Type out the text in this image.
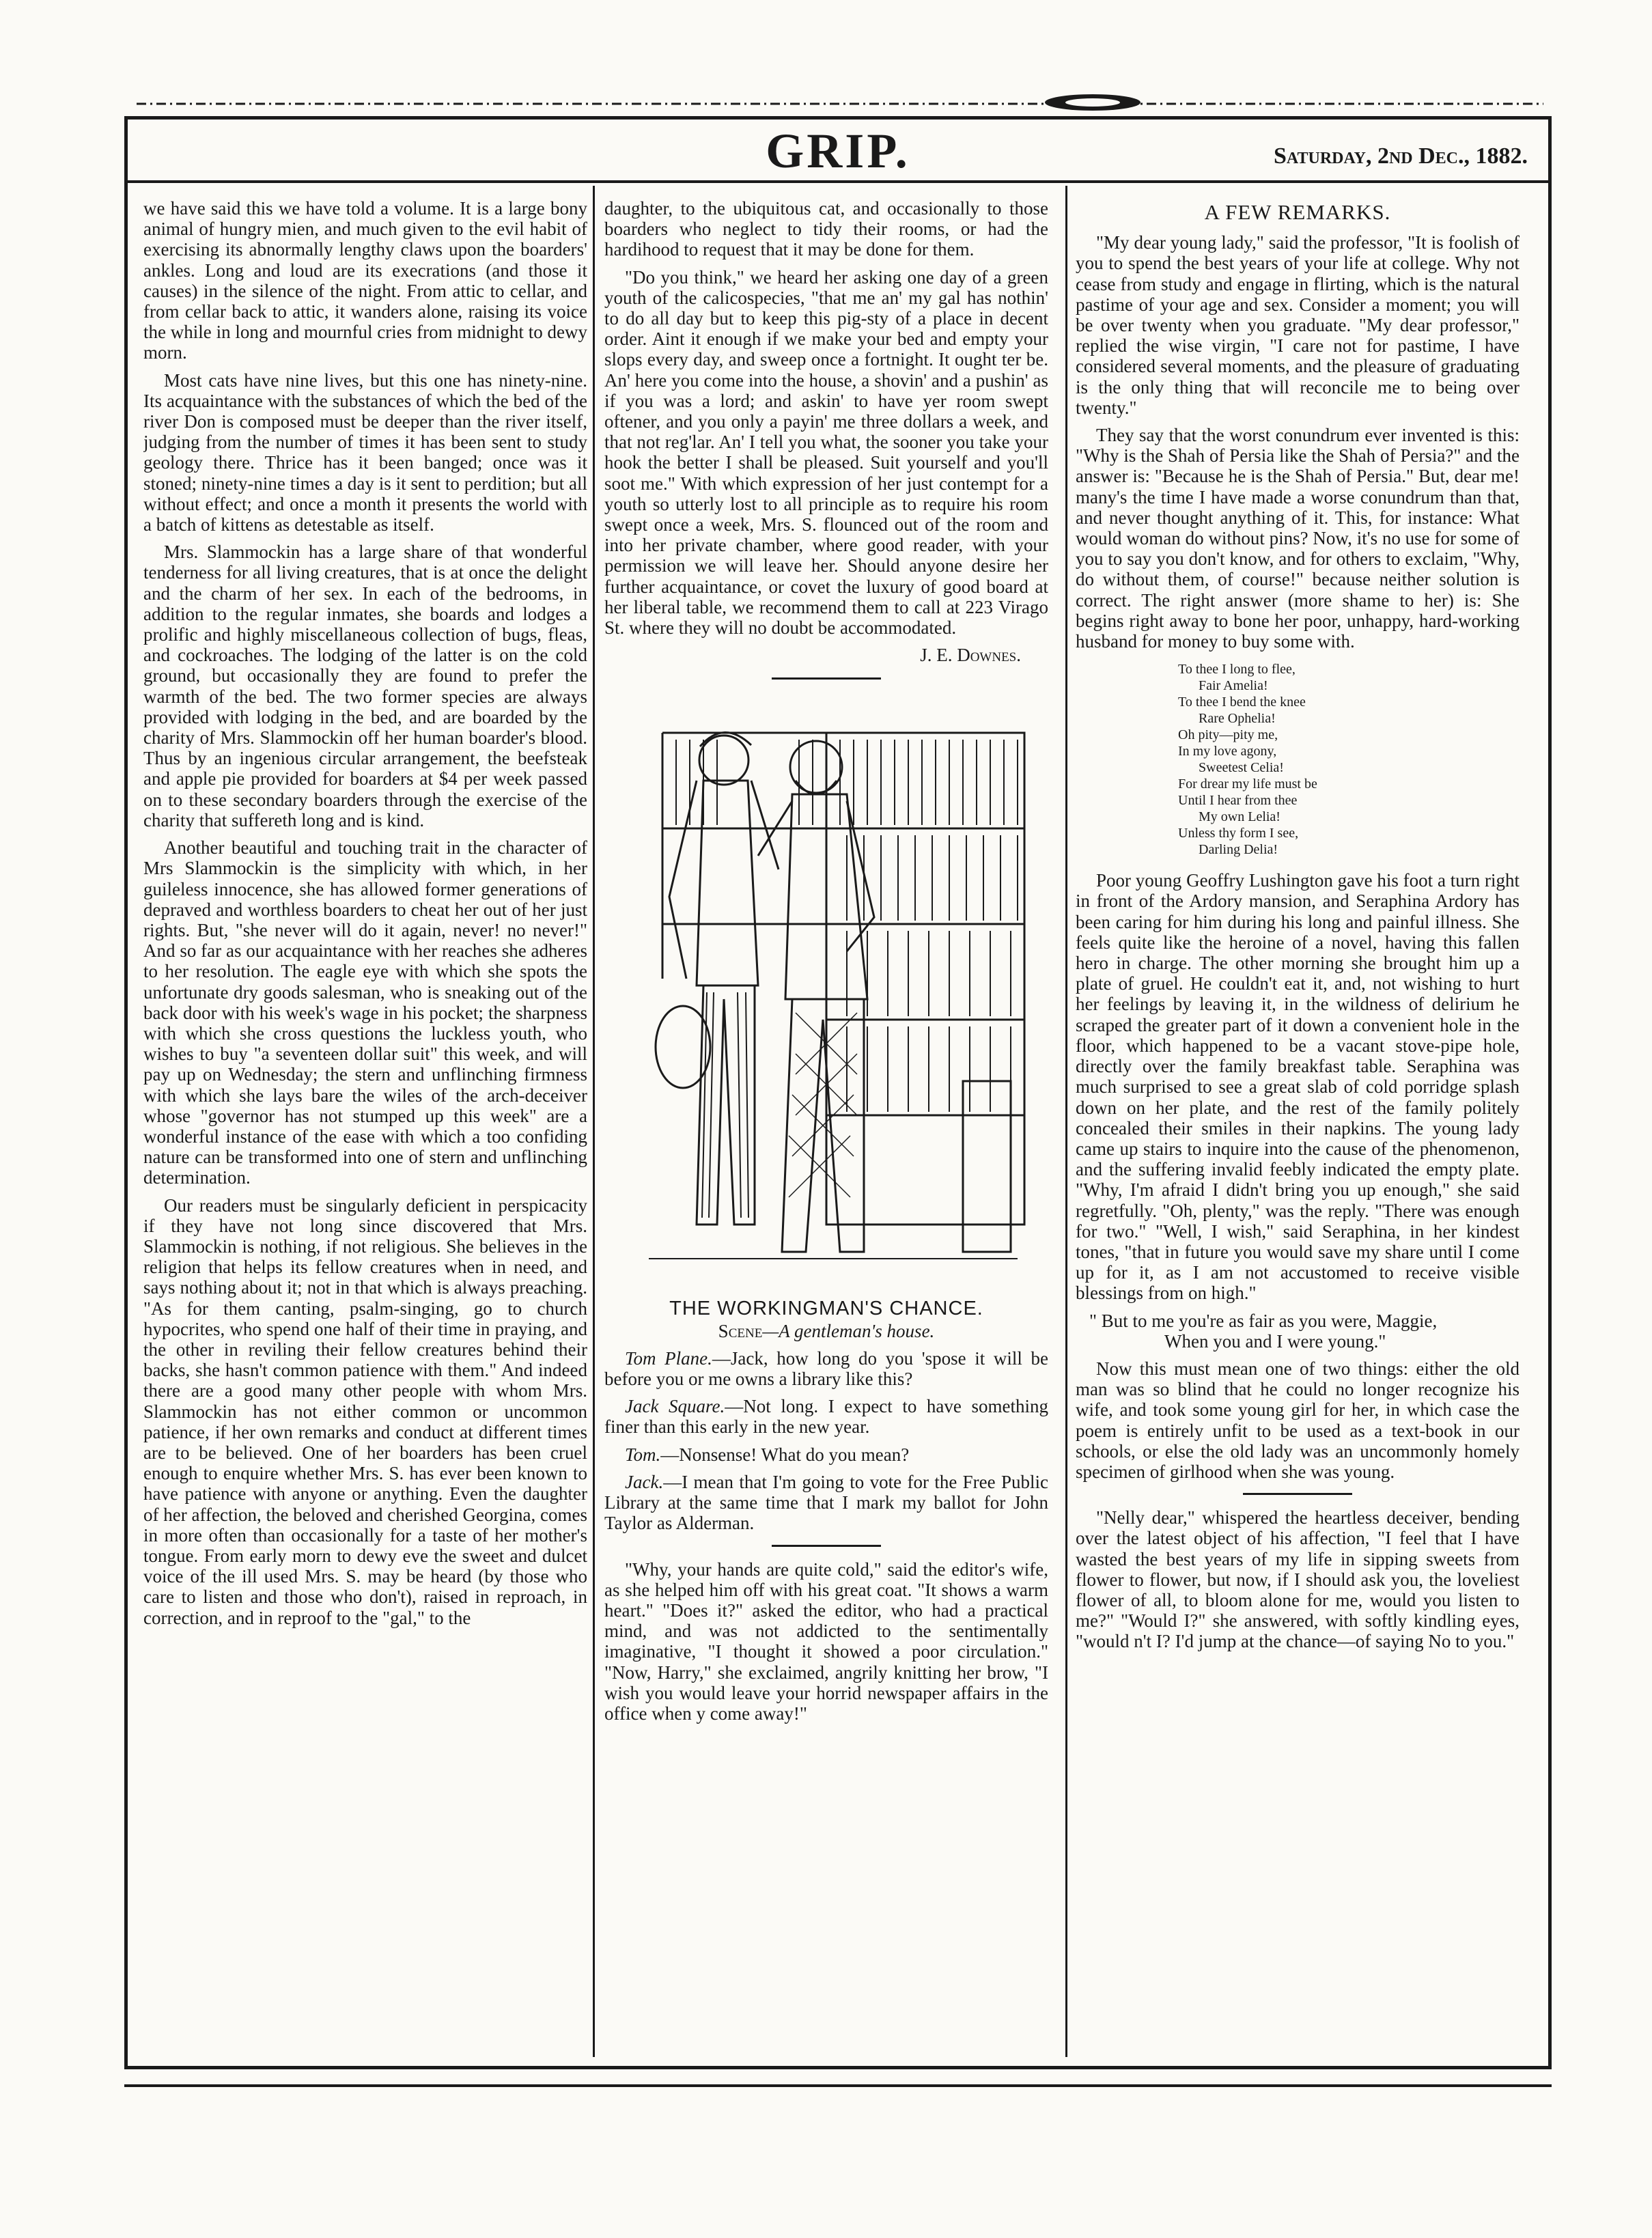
GRIP.	Saturday, 2nd Dec., 1882.

we have said this we have told a volume. It is a large bony animal of hungry mien, and much given to the evil habit of exercising its abnormally lengthy claws upon the boarders' ankles. Long and loud are its execrations (and those it causes) in the silence of the night. From attic to cellar, and from cellar back to attic, it wanders alone, raising its voice the while in long and mournful cries from midnight to dewy morn.

Most cats have nine lives, but this one has ninety-nine. Its acquaintance with the substances of which the bed of the river Don is composed must be deeper than the river itself, judging from the number of times it has been sent to study geology there. Thrice has it been banged; once was it stoned; ninety-nine times a day is it sent to perdition; but all without effect; and once a month it presents the world with a batch of kittens as detestable as itself.

Mrs. Slammockin has a large share of that wonderful tenderness for all living creatures, that is at once the delight and the charm of her sex. In each of the bedrooms, in addition to the regular inmates, she boards and lodges a prolific and highly miscellaneous collection of bugs, fleas, and cockroaches. The lodging of the latter is on the cold ground, but occasionally they are found to prefer the warmth of the bed. The two former species are always provided with lodging in the bed, and are boarded by the charity of Mrs. Slammockin off her human boarder's blood. Thus by an ingenious circular arrangement, the beefsteak and apple pie provided for boarders at $4 per week passed on to these secondary boarders through the exercise of the charity that suffereth long and is kind.

Another beautiful and touching trait in the character of Mrs Slammockin is the simplicity with which, in her guileless innocence, she has allowed former generations of depraved and worthless boarders to cheat her out of her just rights. But, "she never will do it again, never! no never!" And so far as our acquaintance with her reaches she adheres to her resolution. The eagle eye with which she spots the unfortunate dry goods salesman, who is sneaking out of the back door with his week's wage in his pocket; the sharpness with which she cross questions the luckless youth, who wishes to buy "a seventeen dollar suit" this week, and will pay up on Wednesday; the stern and unflinching firmness with which she lays bare the wiles of the arch-deceiver whose "governor has not stumped up this week" are a wonderful instance of the ease with which a too confiding nature can be transformed into one of stern and unflinching determination.

Our readers must be singularly deficient in perspicacity if they have not long since discovered that Mrs. Slammockin is nothing, if not religious. She believes in the religion that helps its fellow creatures when in need, and says nothing about it; not in that which is always preaching. "As for them canting, psalm-singing, go to church hypocrites, who spend one half of their time in praying, and the other in reviling their fellow creatures behind their backs, she hasn't common patience with them." And indeed there are a good many other people with whom Mrs. Slammockin has not either common or uncommon patience, if her own remarks and conduct at different times are to be believed. One of her boarders has been cruel enough to enquire whether Mrs. S. has ever been known to have patience with anyone or anything. Even the daughter of her affection, the beloved and cherished Georgina, comes in more often than occasionally for a taste of her mother's tongue. From early morn to dewy eve the sweet and dulcet voice of the ill used Mrs. S. may be heard (by those who care to listen and those who don't), raised in reproach, in correction, and in reproof to the "gal," to the

daughter, to the ubiquitous cat, and occasionally to those boarders who neglect to tidy their rooms, or had the hardihood to request that it may be done for them.

"Do you think," we heard her asking one day of a green youth of the calicospecies, "that me an' my gal has nothin' to do all day but to keep this pig-sty of a place in decent order. Aint it enough if we make your bed and empty your slops every day, and sweep once a fortnight. It ought ter be. An' here you come into the house, a shovin' and a pushin' as if you was a lord; and askin' to have yer room swept oftener, and you only a payin' me three dollars a week, and that not reg'lar. An' I tell you what, the sooner you take your hook the better I shall be pleased. Suit yourself and you'll soot me." With which expression of her just contempt for a youth so utterly lost to all principle as to require his room swept once a week, Mrs. S. flounced out of the room and into her private chamber, where good reader, with your permission we will leave her. Should anyone desire her further acquaintance, or covet the luxury of good board at her liberal table, we recommend them to call at 223 Virago St. where they will no doubt be accommodated.

J. E. Downes.
THE WORKINGMAN'S CHANCE.
Scene—A gentleman's house.

Tom Plane.—Jack, how long do you 'spose it will be before you or me owns a library like this?

Jack Square.—Not long. I expect to have something finer than this early in the new year.

Tom.—Nonsense! What do you mean?

Jack.—I mean that I'm going to vote for the Free Public Library at the same time that I mark my ballot for John Taylor as Alderman.

"Why, your hands are quite cold," said the editor's wife, as she helped him off with his great coat. "It shows a warm heart." "Does it?" asked the editor, who had a practical mind, and was not addicted to the sentimentally imaginative, "I thought it showed a poor circulation." "Now, Harry," she exclaimed, angrily knitting her brow, "I wish you would leave your horrid newspaper affairs in the office when y come away!"

A FEW REMARKS.

"My dear young lady," said the professor, "It is foolish of you to spend the best years of your life at college. Why not cease from study and engage in flirting, which is the natural pastime of your age and sex. Consider a moment; you will be over twenty when you graduate. "My dear professor," replied the wise virgin, "I care not for pastime, I have considered several moments, and the pleasure of graduating is the only thing that will reconcile me to being over twenty."

They say that the worst conundrum ever invented is this: "Why is the Shah of Persia like the Shah of Persia?" and the answer is: "Because he is the Shah of Persia." But, dear me! many's the time I have made a worse conundrum than that, and never thought anything of it. This, for instance: What would woman do without pins? Now, it's no use for some of you to say you don't know, and for others to exclaim, "Why, do without them, of course!" because neither solution is correct. The right answer (more shame to her) is: She begins right away to bone her poor, unhappy, hard-working husband for money to buy some with.

To thee I long to flee,
Fair Amelia!
To thee I bend the knee
Rare Ophelia!
Oh pity—pity me,
In my love agony,
Sweetest Celia!
For drear my life must be
Until I hear from thee
My own Lelia!
Unless thy form I see,
Darling Delia!

Poor young Geoffry Lushington gave his foot a turn right in front of the Ardory mansion, and Seraphina Ardory has been caring for him during his long and painful illness. She feels quite like the heroine of a novel, having this fallen hero in charge. The other morning she brought him up a plate of gruel. He couldn't eat it, and, not wishing to hurt her feelings by leaving it, in the wildness of delirium he scraped the greater part of it down a convenient hole in the floor, which happened to be a vacant stove-pipe hole, directly over the family breakfast table. Seraphina was much surprised to see a great slab of cold porridge splash down on her plate, and the rest of the family politely concealed their smiles in their napkins. The young lady came up stairs to inquire into the cause of the phenomenon, and the suffering invalid feebly indicated the empty plate. "Why, I'm afraid I didn't bring you up enough," she said regretfully. "Oh, plenty," was the reply. "There was enough for two." "Well, I wish," said Seraphina, in her kindest tones, "that in future you would save my share until I come up for it, as I am not accustomed to receive visible blessings from on high."

" But to me you're as fair as you were, Maggie,
When you and I were young."

Now this must mean one of two things: either the old man was so blind that he could no longer recognize his wife, and took some young girl for her, in which case the poem is entirely unfit to be used as a text-book in our schools, or else the old lady was an uncommonly homely specimen of girlhood when she was young.

"Nelly dear," whispered the heartless deceiver, bending over the latest object of his affection, "I feel that I have wasted the best years of my life in sipping sweets from flower to flower, but now, if I should ask you, the loveliest flower of all, to bloom alone for me, would you listen to me?" "Would I?" she answered, with softly kindling eyes, "would n't I? I'd jump at the chance—of saying No to you."
